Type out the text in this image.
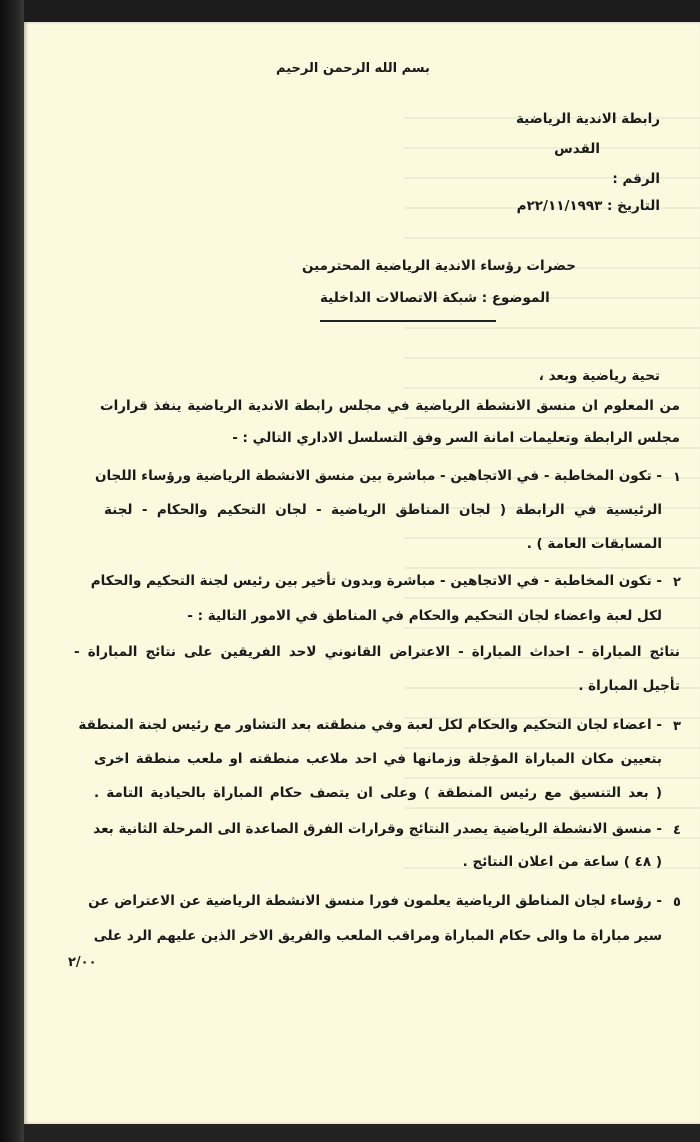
بسم الله الرحمن الرحيم
رابطة الاندية الرياضية
القدس
الرقم :
التاريخ : ٢٢/١١/١٩٩٣م
حضرات رؤساء الاندية الرياضية المحترمين
الموضوع : شبكة الاتصالات الداخلية
تحية رياضية وبعد ،
من المعلوم ان منسق الانشطة الرياضية في مجلس رابطة الاندية الرياضية ينفذ قرارات
مجلس الرابطة وتعليمات امانة السر وفق التسلسل الاداري التالي : -
١
- تكون المخاطبة - في الاتجاهين - مباشرة بين منسق الانشطة الرياضية ورؤساء اللجان
الرئيسية في الرابطة ( لجان المناطق الرياضية - لجان التحكيم والحكام - لجنة
المسابقات العامة ) .
٢
- تكون المخاطبة - في الاتجاهين - مباشرة وبدون تأخير بين رئيس لجنة التحكيم والحكام
لكل لعبة واعضاء لجان التحكيم والحكام في المناطق في الامور التالية : -
نتائج المباراة - احداث المباراة - الاعتراض القانوني لاحد الفريقين على نتائج المباراة -
تأجيل المباراة .
٣
- اعضاء لجان التحكيم والحكام لكل لعبة وفي منطقته بعد التشاور مع رئيس لجنة المنطقة
بتعيين مكان المباراة المؤجلة وزمانها في احد ملاعب منطقته او ملعب منطقة اخرى
( بعد التنسيق مع رئيس المنطقة ) وعلى ان يتصف حكام المباراة بالحيادية التامة .
٤
- منسق الانشطة الرياضية يصدر النتائج وقرارات الفرق الصاعدة الى المرحلة الثانية بعد
( ٤٨ ) ساعة من اعلان النتائج .
٥
- رؤساء لجان المناطق الرياضية يعلمون فورا منسق الانشطة الرياضية عن الاعتراض عن
سير مباراة ما والى حكام المباراة ومراقب الملعب والفريق الاخر الذين عليهم الرد على
٢/٠٠
